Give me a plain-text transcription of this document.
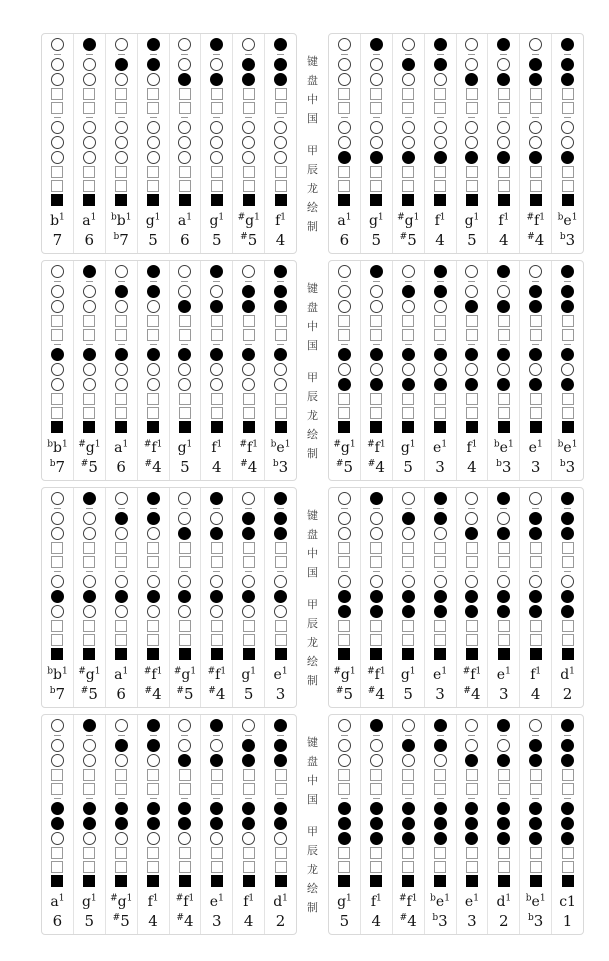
$b^1$
7
$a^1$
6
$^bb^1$
$^b$7
$g^1$
5
$a^1$
6
$g^1$
5
$^{\#}g^1$
#5
$f^1$
4
键
盘
中
国
甲
辰
龙
绘
制 $a^1$
6
$g^1$
5
$^{\#}g^1$
#5
$f^1$
4
$g^1$
5
$f^1$
4
$^{\#}f^1$
#4
$^be^1$
$^b$3
$^bb^1$
$^b$7
$^{\#}g^1$
#5
$a^1$
6
$^{\#}f^1$
#4
$g^1$
5
$f^1$
4
$^{\#}f^1$
#4
$^be^1$
$^b$3
键
盘
中
国
甲
辰
龙
绘
制
$^{\#}g^1$
#5
$^{\#}f^1$
#4
$g^1$
5
$e^1$
3
$f^1$
4
$^be^1$
$^b$3
$e^1$
3
$^be^1$
$^b$3
$^bb^1$
$^b$7
$^{\#}g^1$
#5
$a^1$
6
$^{\#}f^1$
#4
$^{\#}g^1$
#5
$^{\#}f^1$
#4
$g^1$
5
$e^1$
3
键
盘
中
国
甲
辰
龙
绘
制
$^{\#}g^1$
#5
$^{\#}f^1$
#4
$g^1$
5
$e^1$
3
$^{\#}f^1$
#4
$e^1$
3
$f^1$
4
$d^1$
2
$a^1$
6
$g^1$
5
$^{\#}g^1$
#5
$f^1$
4
$^{\#}f^1$
#4
$e^1$
3
$f^1$
4
$d^1$
2
键
盘
中
国
甲
辰
龙
绘
制 $g^1$
5
$f^1$
4
$^{\#}f^1$
#4
$^be^1$
$^b$3
$e^1$
3
$d^1$
2
$^be^1$
$^b$3
c1
1
